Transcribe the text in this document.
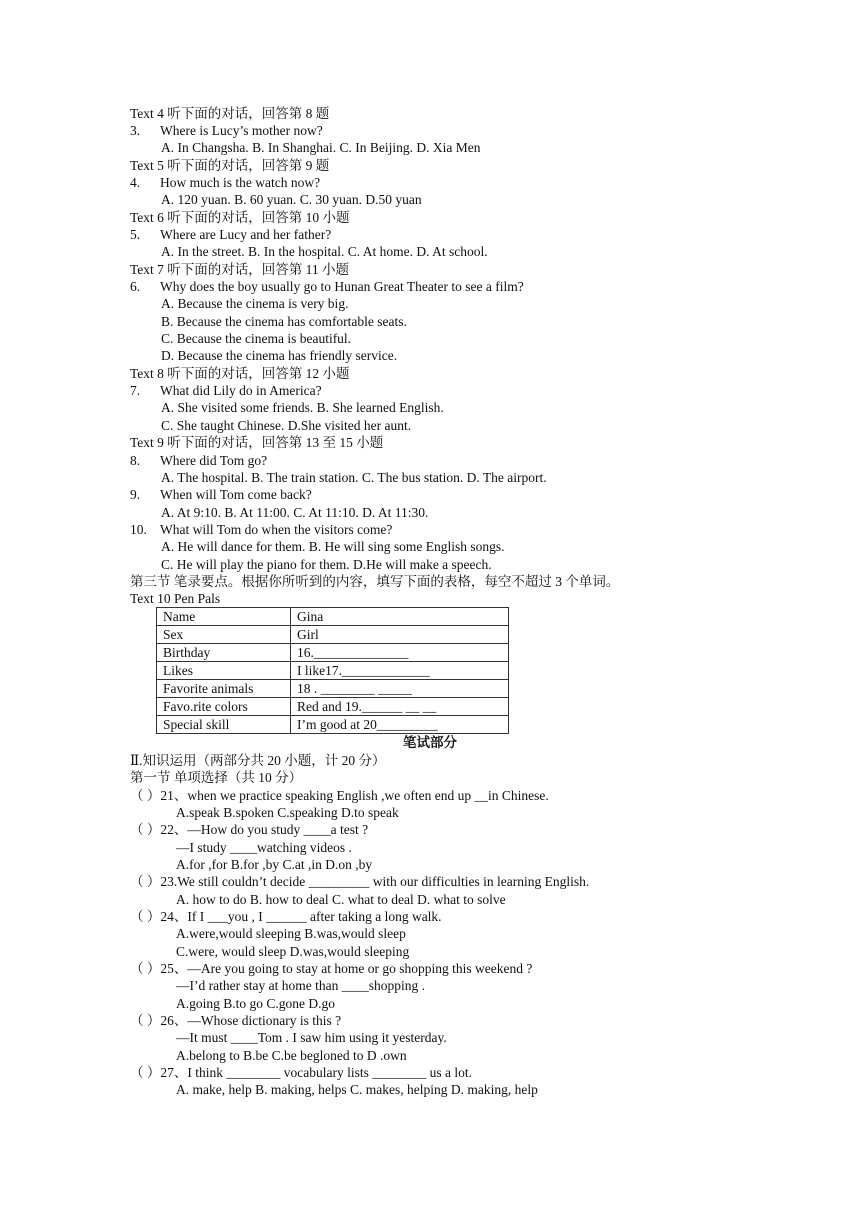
Text 4 听下面的对话，回答第 8 题
3. Where is Lucy’s mother now?
A. In Changsha. B. In Shanghai. C. In Beijing. D. Xia Men
Text 5 听下面的对话，回答第 9 题
4. How much is the watch now?
A. 120 yuan. B. 60 yuan. C. 30 yuan. D.50 yuan
Text 6 听下面的对话，回答第 10 小题
5. Where are Lucy and her father?
A. In the street. B. In the hospital. C. At home. D. At school.
Text 7 听下面的对话，回答第 11 小题
6. Why does the boy usually go to Hunan Great Theater to see a film?
A. Because the cinema is very big.
B. Because the cinema has comfortable seats.
C. Because the cinema is beautiful.
D. Because the cinema has friendly service.
Text 8 听下面的对话，回答第 12 小题
7. What did Lily do in America?
A. She visited some friends. B. She learned English.
C. She taught Chinese. D.She visited her aunt.
Text 9 听下面的对话，回答第 13 至 15 小题
8. Where did Tom go?
A. The hospital. B. The train station. C. The bus station. D. The airport.
9. When will Tom come back?
A. At 9:10. B. At 11:00. C. At 11:10. D. At 11:30.
10. What will Tom do when the visitors come?
A. He will dance for them. B. He will sing some English songs.
C. He will play the piano for them. D.He will make a speech.
第三节 笔录要点。根据你所听到的内容，填写下面的表格，每空不超过 3 个单词。
Text 10 Pen Pals
Ⅱ.知识运用（两部分共 20 小题，计 20 分）
第一节 单项选择（共 10 分）
（ ）21、when we practice speaking English ,we often end up __in Chinese.
A.speak B.spoken C.speaking D.to speak
（ ）22、—How do you study ____a test ?
—I study ____watching videos .
A.for ,for B.for ,by C.at ,in D.on ,by
（ ）23.We still couldn’t decide _________ with our difficulties in learning English.
A. how to do B. how to deal C. what to deal D. what to solve
（ ）24、If I ___you , I ______ after taking a long walk.
A.were,would sleeping B.was,would sleep
C.were, would sleep D.was,would sleeping
（ ）25、—Are you going to stay at home or go shopping this weekend ?
—I’d rather stay at home than ____shopping .
A.going B.to go C.gone D.go
（ ）26、—Whose dictionary is this ?
—It must ____Tom . I saw him using it yesterday.
A.belong to B.be C.be begloned to D .own
（ ）27、I think ________ vocabulary lists ________ us a lot.
A. make, help B. making, helps C. makes, helping D. making, help
Name	Gina
Sex	Girl
Birthday	16.______________
Likes	I like17._____________
Favorite animals	18 . ________ _____
Favo.rite colors	Red and 19.______ __ __
Special skill	I’m good at 20_________
笔试部分
